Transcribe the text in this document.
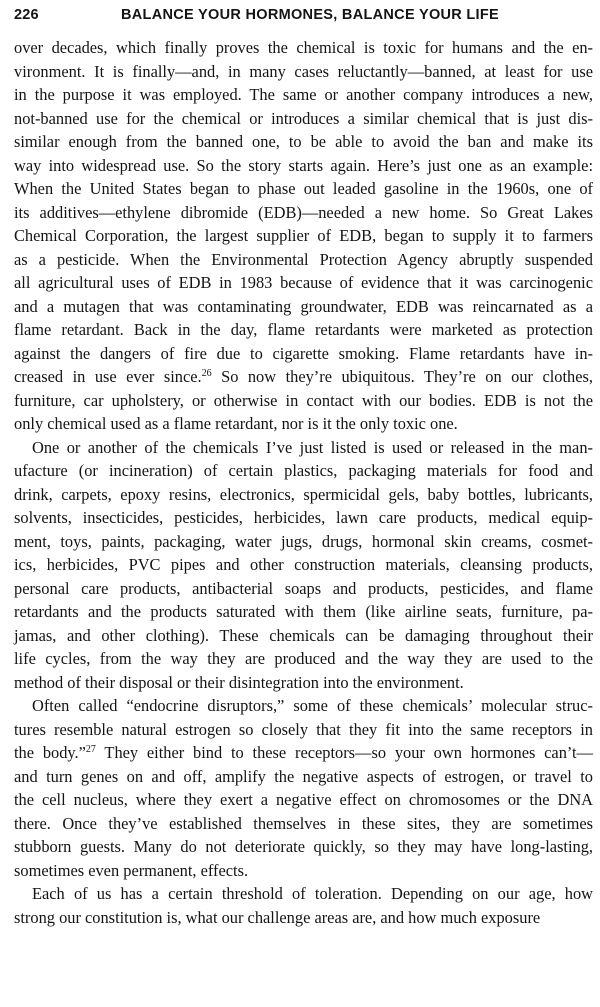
226	BALANCE YOUR HORMONES, BALANCE YOUR LIFE
over decades, which finally proves the chemical is toxic for humans and the en-
vironment. It is finally—and, in many cases reluctantly—banned, at least for use
in the purpose it was employed. The same or another company introduces a new,
not-banned use for the chemical or introduces a similar chemical that is just dis-
similar enough from the banned one, to be able to avoid the ban and make its
way into widespread use. So the story starts again. Here’s just one as an example:
When the United States began to phase out leaded gasoline in the 1960s, one of
its additives—ethylene dibromide (EDB)—needed a new home. So Great Lakes
Chemical Corporation, the largest supplier of EDB, began to supply it to farmers
as a pesticide. When the Environmental Protection Agency abruptly suspended
all agricultural uses of EDB in 1983 because of evidence that it was carcinogenic
and a mutagen that was contaminating groundwater, EDB was reincarnated as a
flame retardant. Back in the day, flame retardants were marketed as protection
against the dangers of fire due to cigarette smoking. Flame retardants have in-
creased in use ever since.$^{26}$ So now they’re ubiquitous. They’re on our clothes,
furniture, car upholstery, or otherwise in contact with our bodies. EDB is not the
only chemical used as a flame retardant, nor is it the only toxic one.
One or another of the chemicals I’ve just listed is used or released in the man-
ufacture (or incineration) of certain plastics, packaging materials for food and
drink, carpets, epoxy resins, electronics, spermicidal gels, baby bottles, lubricants,
solvents, insecticides, pesticides, herbicides, lawn care products, medical equip-
ment, toys, paints, packaging, water jugs, drugs, hormonal skin creams, cosmet-
ics, herbicides, PVC pipes and other construction materials, cleansing products,
personal care products, antibacterial soaps and products, pesticides, and flame
retardants and the products saturated with them (like airline seats, furniture, pa-
jamas, and other clothing). These chemicals can be damaging throughout their
life cycles, from the way they are produced and the way they are used to the
method of their disposal or their disintegration into the environment.
Often called “endocrine disruptors,” some of these chemicals’ molecular struc-
tures resemble natural estrogen so closely that they fit into the same receptors in
the body.”$^{27}$ They either bind to these receptors—so your own hormones can’t—
and turn genes on and off, amplify the negative aspects of estrogen, or travel to
the cell nucleus, where they exert a negative effect on chromosomes or the DNA
there. Once they’ve established themselves in these sites, they are sometimes
stubborn guests. Many do not deteriorate quickly, so they may have long-lasting,
sometimes even permanent, effects.
Each of us has a certain threshold of toleration. Depending on our age, how
strong our constitution is, what our challenge areas are, and how much exposure
